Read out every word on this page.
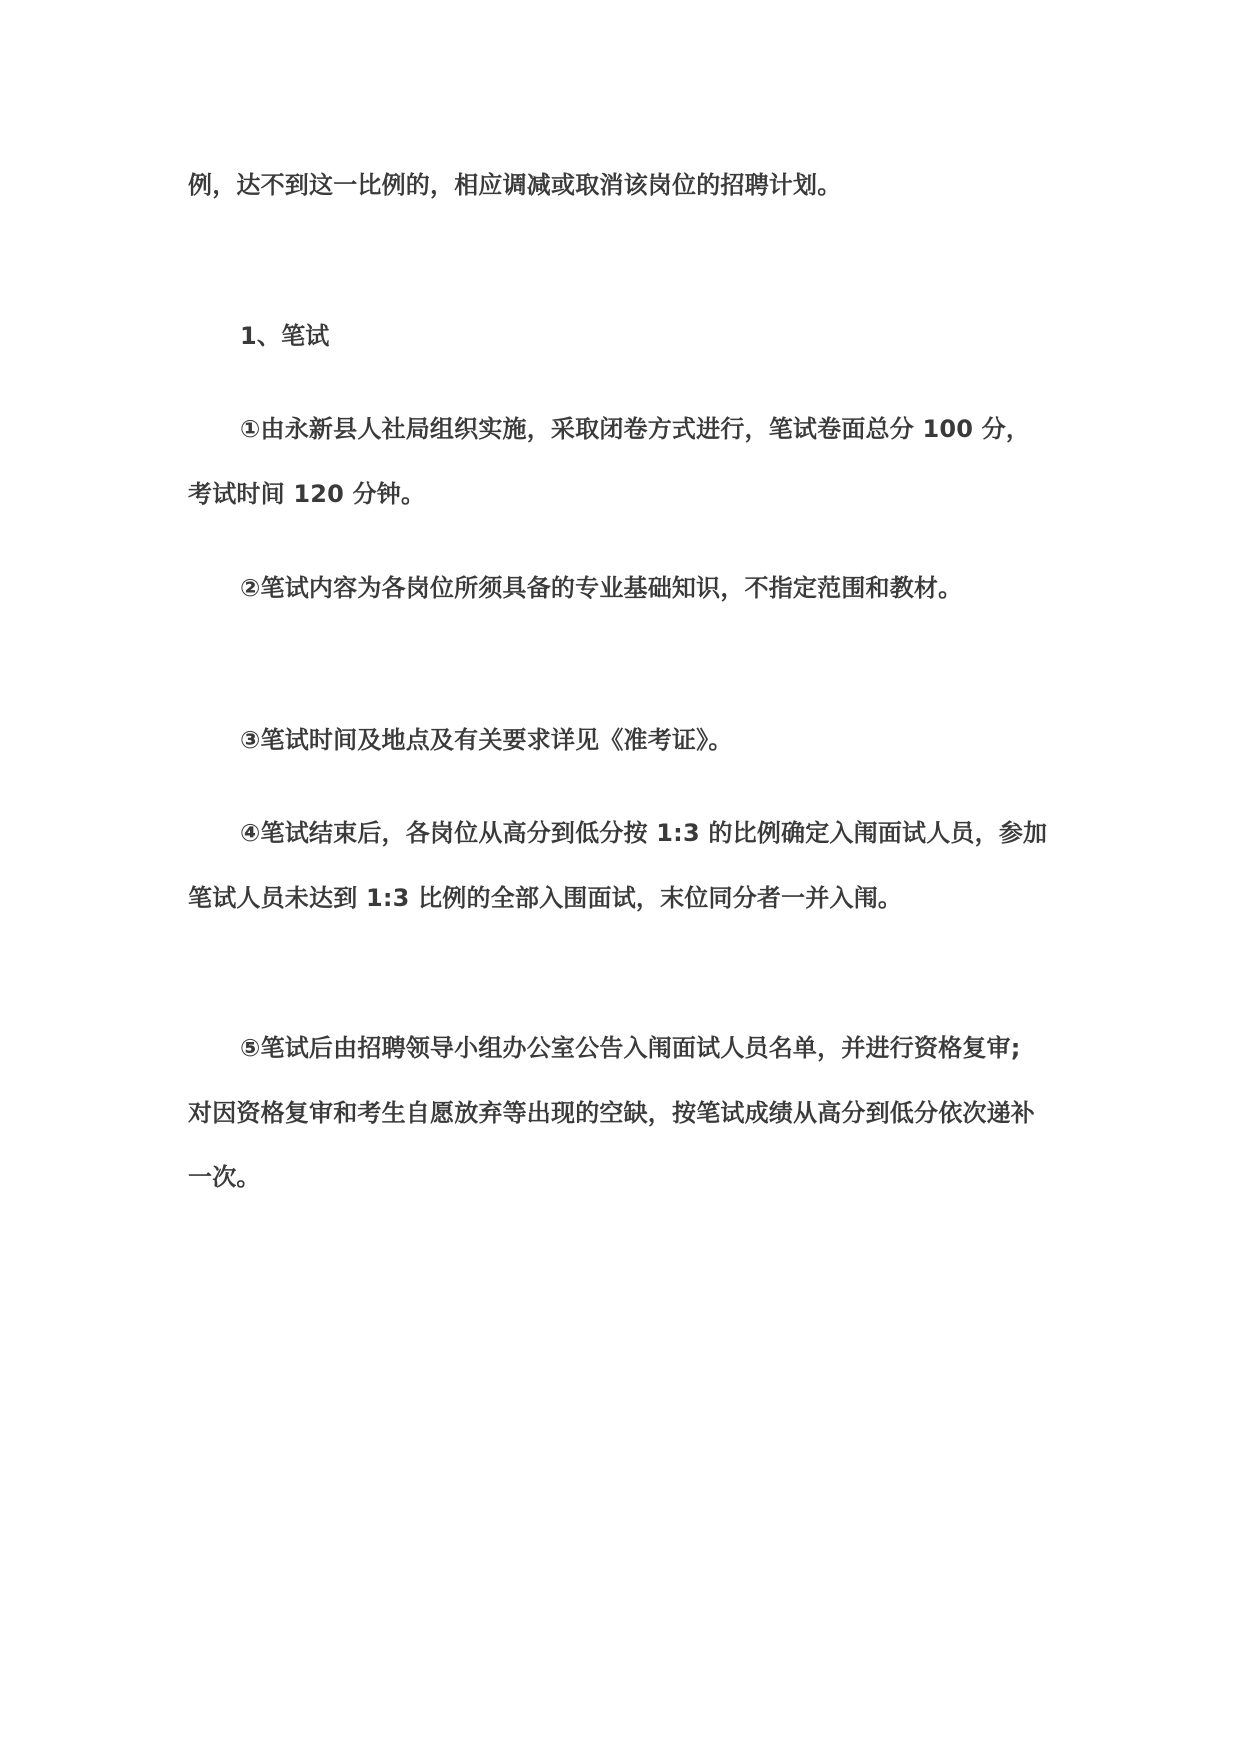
例，达不到这一比例的，相应调减或取消该岗位的招聘计划。

1、笔试

①由永新县人社局组织实施，采取闭卷方式进行，笔试卷面总分 100 分，

考试时间 120 分钟。

②笔试内容为各岗位所须具备的专业基础知识，不指定范围和教材。

③笔试时间及地点及有关要求详见《准考证》。

④笔试结束后，各岗位从高分到低分按 1:3 的比例确定入闱面试人员，参加

笔试人员未达到 1:3 比例的全部入围面试，末位同分者一并入闱。

⑤笔试后由招聘领导小组办公室公告入闱面试人员名单，并进行资格复审;

对因资格复审和考生自愿放弃等出现的空缺，按笔试成绩从高分到低分依次递补

一次。
